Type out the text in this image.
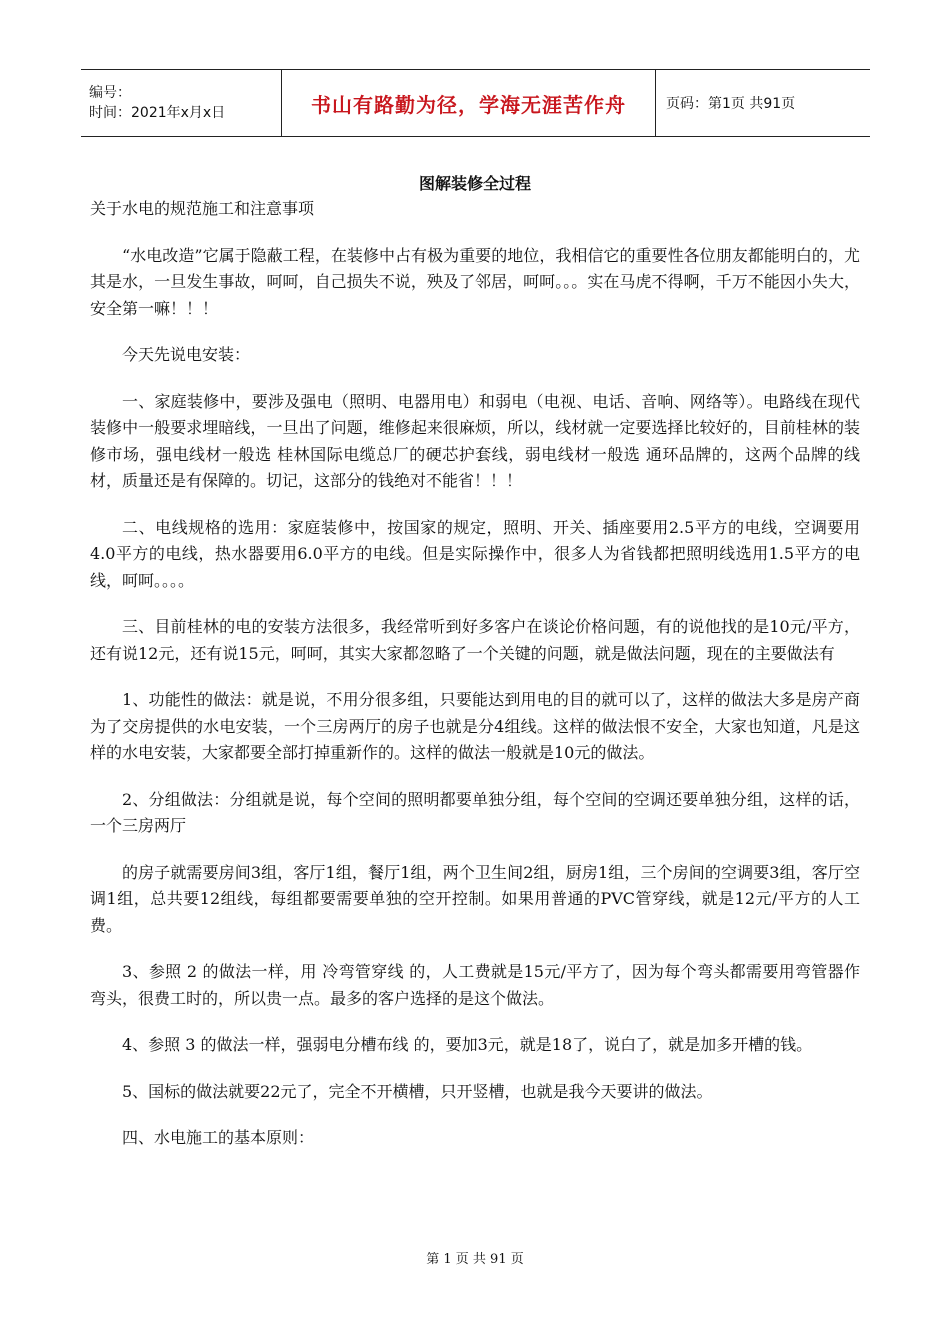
编号：
时间：2021年x月x日	书山有路勤为径，学海无涯苦作舟	页码：第1页 共91页
图解装修全过程

关于水电的规范施工和注意事项

“水电改造”它属于隐蔽工程，在装修中占有极为重要的地位，我相信它的重要性各位朋友都能明白的，尤其是水，一旦发生事故，呵呵，自己损失不说，殃及了邻居，呵呵。。。实在马虎不得啊，千万不能因小失大，安全第一嘛！！！

今天先说电安装：

一、家庭装修中，要涉及强电（照明、电器用电）和弱电（电视、电话、音响、网络等）。电路线在现代装修中一般要求埋暗线，一旦出了问题，维修起来很麻烦，所以，线材就一定要选择比较好的，目前桂林的装修市场，强电线材一般选 桂林国际电缆总厂的硬芯护套线，弱电线材一般选 通环品牌的，这两个品牌的线材，质量还是有保障的。切记，这部分的钱绝对不能省！！！

二、电线规格的选用：家庭装修中，按国家的规定，照明、开关、插座要用2.5平方的电线，空调要用4.0平方的电线，热水器要用6.0平方的电线。但是实际操作中，很多人为省钱都把照明线选用1.5平方的电线，呵呵。。。。

三、目前桂林的电的安装方法很多，我经常听到好多客户在谈论价格问题，有的说他找的是10元/平方，还有说12元，还有说15元，呵呵，其实大家都忽略了一个关键的问题，就是做法问题，现在的主要做法有

1、功能性的做法：就是说，不用分很多组，只要能达到用电的目的就可以了，这样的做法大多是房产商为了交房提供的水电安装，一个三房两厅的房子也就是分4组线。这样的做法恨不安全，大家也知道，凡是这样的水电安装，大家都要全部打掉重新作的。这样的做法一般就是10元的做法。

2、分组做法：分组就是说，每个空间的照明都要单独分组，每个空间的空调还要单独分组，这样的话，一个三房两厅

的房子就需要房间3组，客厅1组，餐厅1组，两个卫生间2组，厨房1组，三个房间的空调要3组，客厅空调1组，总共要12组线，每组都要需要单独的空开控制。如果用普通的PVC管穿线，就是12元/平方的人工费。

3、参照 2 的做法一样，用 冷弯管穿线 的，人工费就是15元/平方了，因为每个弯头都需要用弯管器作弯头，很费工时的，所以贵一点。最多的客户选择的是这个做法。

4、参照 3 的做法一样，强弱电分槽布线 的，要加3元，就是18了，说白了，就是加多开槽的钱。

5、国标的做法就要22元了，完全不开横槽，只开竖槽，也就是我今天要讲的做法。

四、水电施工的基本原则：

第 1 页 共 91 页
